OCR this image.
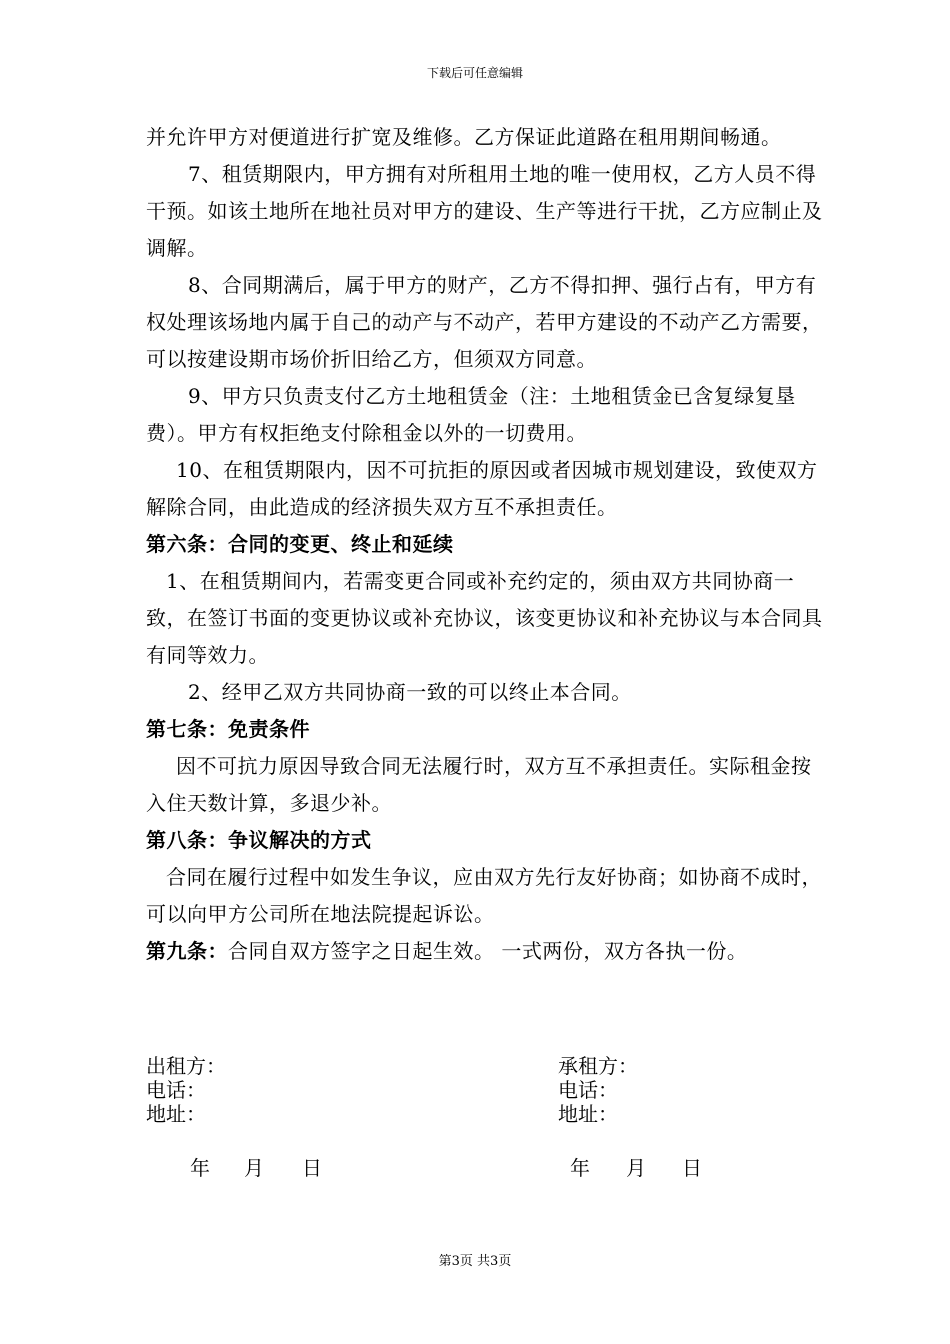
下载后可任意编辑

并允许甲方对便道进行扩宽及维修。乙方保证此道路在租用期间畅通。

7、租赁期限内，甲方拥有对所租用土地的唯一使用权，乙方人员不得干预。如该土地所在地社员对甲方的建设、生产等进行干扰，乙方应制止及调解。

8、合同期满后，属于甲方的财产，乙方不得扣押、强行占有，甲方有权处理该场地内属于自己的动产与不动产，若甲方建设的不动产乙方需要，可以按建设期市场价折旧给乙方，但须双方同意。

9、甲方只负责支付乙方土地租赁金（注：土地租赁金已含复绿复垦费）。甲方有权拒绝支付除租金以外的一切费用。

10、在租赁期限内，因不可抗拒的原因或者因城市规划建设，致使双方解除合同，由此造成的经济损失双方互不承担责任。

第六条：合同的变更、终止和延续

1、在租赁期间内，若需变更合同或补充约定的，须由双方共同协商一致，在签订书面的变更协议或补充协议，该变更协议和补充协议与本合同具有同等效力。

2、经甲乙双方共同协商一致的可以终止本合同。

第七条：免责条件

因不可抗力原因导致合同无法履行时，双方互不承担责任。实际租金按入住天数计算，多退少补。

第八条：争议解决的方式

合同在履行过程中如发生争议，应由双方先行友好协商；如协商不成时，可以向甲方公司所在地法院提起诉讼。

第九条：合同自双方签字之日起生效。 一式两份，双方各执一份。

出租方：
电话：
地址：
承租方：
电话：
地址：
年 月 日	年 月 日
第3页 共3页
